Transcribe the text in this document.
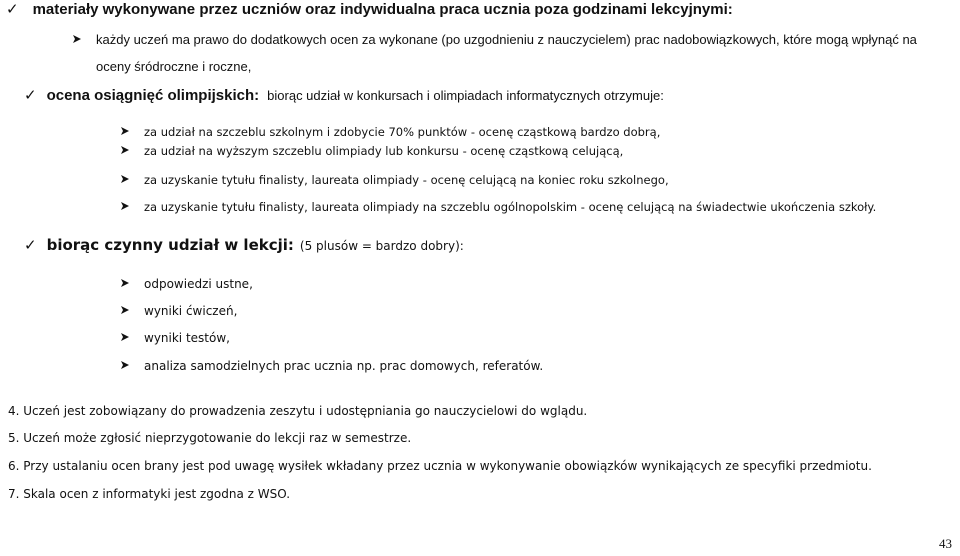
✓ materiały wykonywane przez uczniów oraz indywidualna praca ucznia poza godzinami lekcyjnymi:
każdy uczeń ma prawo do dodatkowych ocen za wykonane (po uzgodnieniu z nauczycielem) prac nadobowiązkowych, które mogą wpłynąć na
oceny śródroczne i roczne,
✓ ocena osiągnięć olimpijskich: biorąc udział w konkursach i olimpiadach informatycznych otrzymuje:
za udział na szczeblu szkolnym i zdobycie 70% punktów - ocenę cząstkową bardzo dobrą,
za udział na wyższym szczeblu olimpiady lub konkursu - ocenę cząstkową celującą,
za uzyskanie tytułu finalisty, laureata olimpiady - ocenę celującą na koniec roku szkolnego,
za uzyskanie tytułu finalisty, laureata olimpiady na szczeblu ogólnopolskim - ocenę celującą na świadectwie ukończenia szkoły.
✓ biorąc czynny udział w lekcji: (5 plusów = bardzo dobry):
odpowiedzi ustne,
wyniki ćwiczeń,
wyniki testów,
analiza samodzielnych prac ucznia np. prac domowych, referatów.
4. Uczeń jest zobowiązany do prowadzenia zeszytu i udostępniania go nauczycielowi do wglądu.
5. Uczeń może zgłosić nieprzygotowanie do lekcji raz w semestrze.
6. Przy ustalaniu ocen brany jest pod uwagę wysiłek wkładany przez ucznia w wykonywanie obowiązków wynikających ze specyfiki przedmiotu.
7. Skala ocen z informatyki jest zgodna z WSO.
43
